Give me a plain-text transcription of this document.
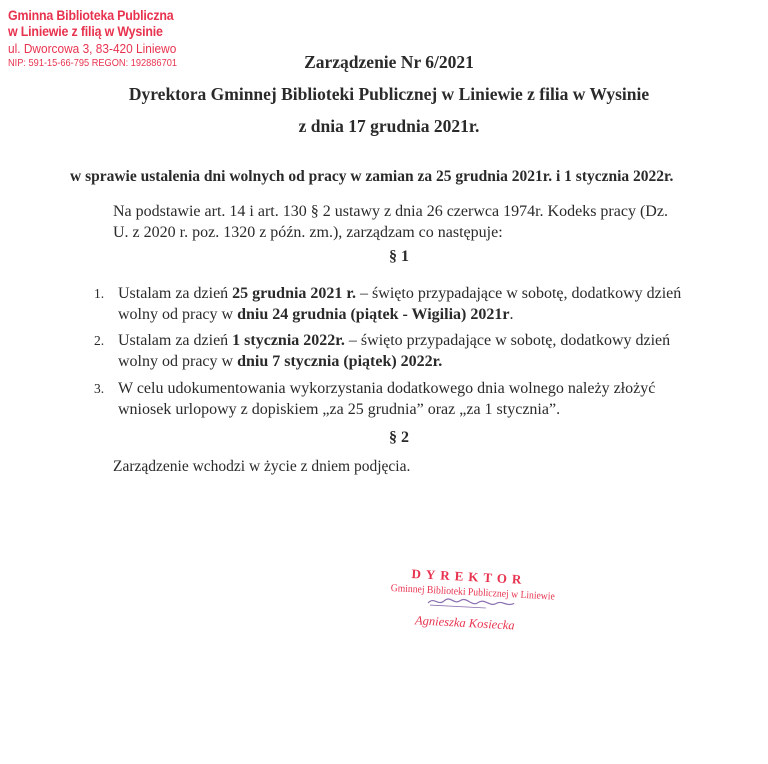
Gminna Biblioteka Publiczna
w Liniewie z filią w Wysinie
ul. Dworcowa 3, 83-420 Liniewo
NIP: 591-15-66-795 REGON: 192886701	Zarządzenie Nr 6/2021
Dyrektora Gminnej Biblioteki Publicznej w Liniewie z filia w Wysinie
z dnia 17 grudnia 2021r.
w sprawie ustalenia dni wolnych od pracy w zamian za 25 grudnia 2021r. i 1 stycznia 2022r.
Na podstawie art. 14 i art. 130 § 2 ustawy z dnia 26 czerwca 1974r. Kodeks pracy (Dz. U. z 2020 r. poz. 1320 z późn. zm.), zarządzam co następuje:
§ 1
1. Ustalam za dzień 25 grudnia 2021 r. – święto przypadające w sobotę, dodatkowy dzień wolny od pracy w dniu 24 grudnia (piątek - Wigilia) 2021r.
2. Ustalam za dzień 1 stycznia 2022r. – święto przypadające w sobotę, dodatkowy dzień wolny od pracy w dniu 7 stycznia (piątek) 2022r.
3. W celu udokumentowania wykorzystania dodatkowego dnia wolnego należy złożyć wniosek urlopowy z dopiskiem „za 25 grudnia” oraz „za 1 stycznia”.
§ 2
Zarządzenie wchodzi w życie z dniem podjęcia.
DYREKTOR
Gminnej Biblioteki Publicznej w Liniewie
Agnieszka Kosiecka
